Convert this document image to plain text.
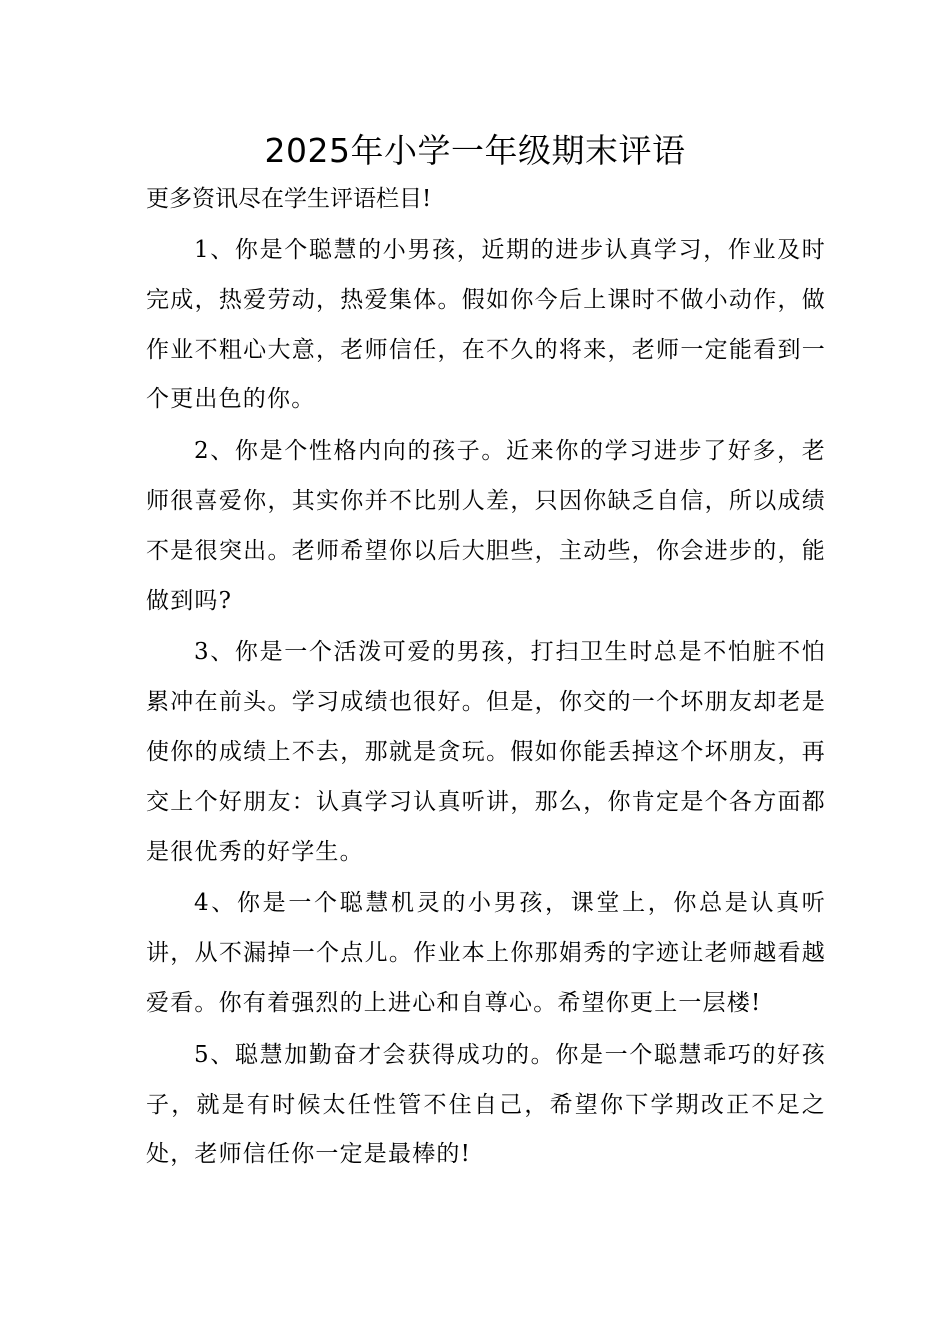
2025年小学一年级期末评语

更多资讯尽在学生评语栏目!

1、你是个聪慧的小男孩，近期的进步认真学习，作业及时完成，热爱劳动，热爱集体。假如你今后上课时不做小动作，做作业不粗心大意，老师信任，在不久的将来，老师一定能看到一个更出色的你。

2、你是个性格内向的孩子。近来你的学习进步了好多，老师很喜爱你，其实你并不比别人差，只因你缺乏自信，所以成绩不是很突出。老师希望你以后大胆些，主动些，你会进步的，能做到吗?

3、你是一个活泼可爱的男孩，打扫卫生时总是不怕脏不怕累冲在前头。学习成绩也很好。但是，你交的一个坏朋友却老是使你的成绩上不去，那就是贪玩。假如你能丢掉这个坏朋友，再交上个好朋友：认真学习认真听讲，那么，你肯定是个各方面都是很优秀的好学生。

4、你是一个聪慧机灵的小男孩，课堂上，你总是认真听讲，从不漏掉一个点儿。作业本上你那娟秀的字迹让老师越看越爱看。你有着强烈的上进心和自尊心。希望你更上一层楼!

5、聪慧加勤奋才会获得成功的。你是一个聪慧乖巧的好孩子，就是有时候太任性管不住自己，希望你下学期改正不足之处，老师信任你一定是最棒的!
